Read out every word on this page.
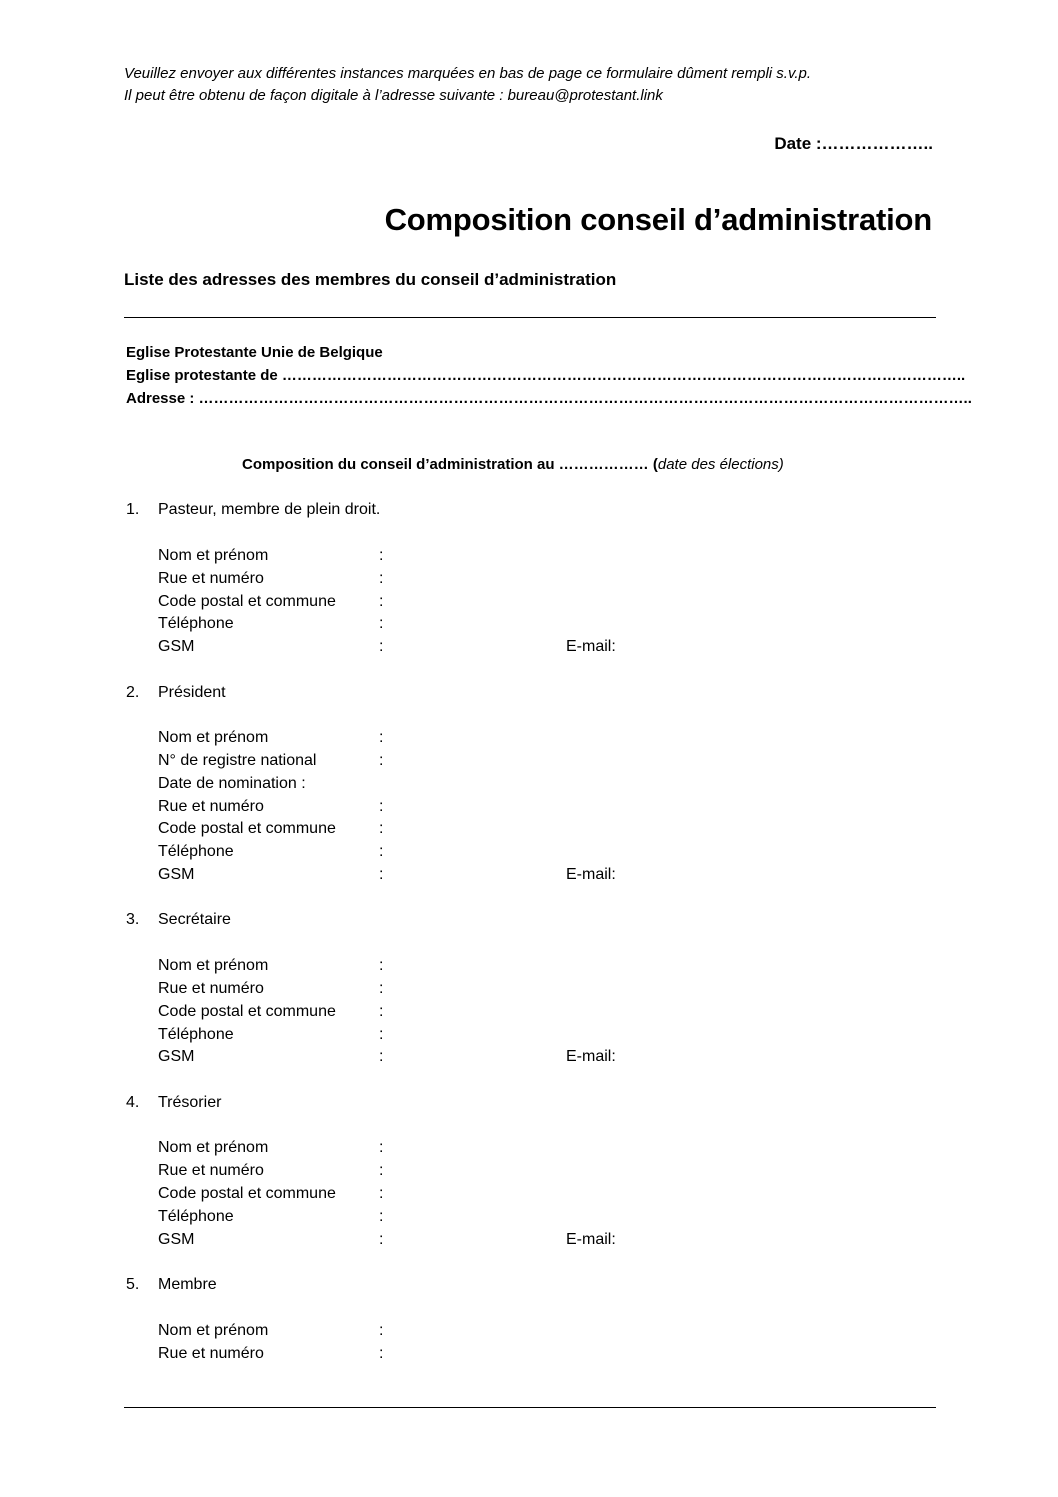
Veuillez envoyer aux différentes instances marquées en bas de page ce formulaire dûment rempli s.v.p.
Il peut être obtenu de façon digitale à l’adresse suivante : bureau@protestant.link
Date :………………..
Composition conseil d’administration
Liste des adresses des membres du conseil d’administration
Eglise Protestante Unie de Belgique
Eglise protestante de ………………………………………………………………………………………………………………………..
Adresse : ………………………………………………………………………………………………………………………………………..
Composition du conseil d’administration au ……………… (date des élections)
1. Pasteur, membre de plein droit.
Nom et prénom	:
Rue et numéro	:
Code postal et commune	:
Téléphone	:
GSM	:	E-mail:
2. Président
Nom et prénom	:
N° de registre national	:
Date de nomination :
Rue et numéro	:
Code postal et commune	:
Téléphone	:
GSM	:	E-mail:
3. Secrétaire
Nom et prénom	:
Rue et numéro	:
Code postal et commune	:
Téléphone	:
GSM	:	E-mail:
4. Trésorier
Nom et prénom	:
Rue et numéro	:
Code postal et commune	:
Téléphone	:
GSM	:	E-mail:
5. Membre
Nom et prénom	:
Rue et numéro	:
